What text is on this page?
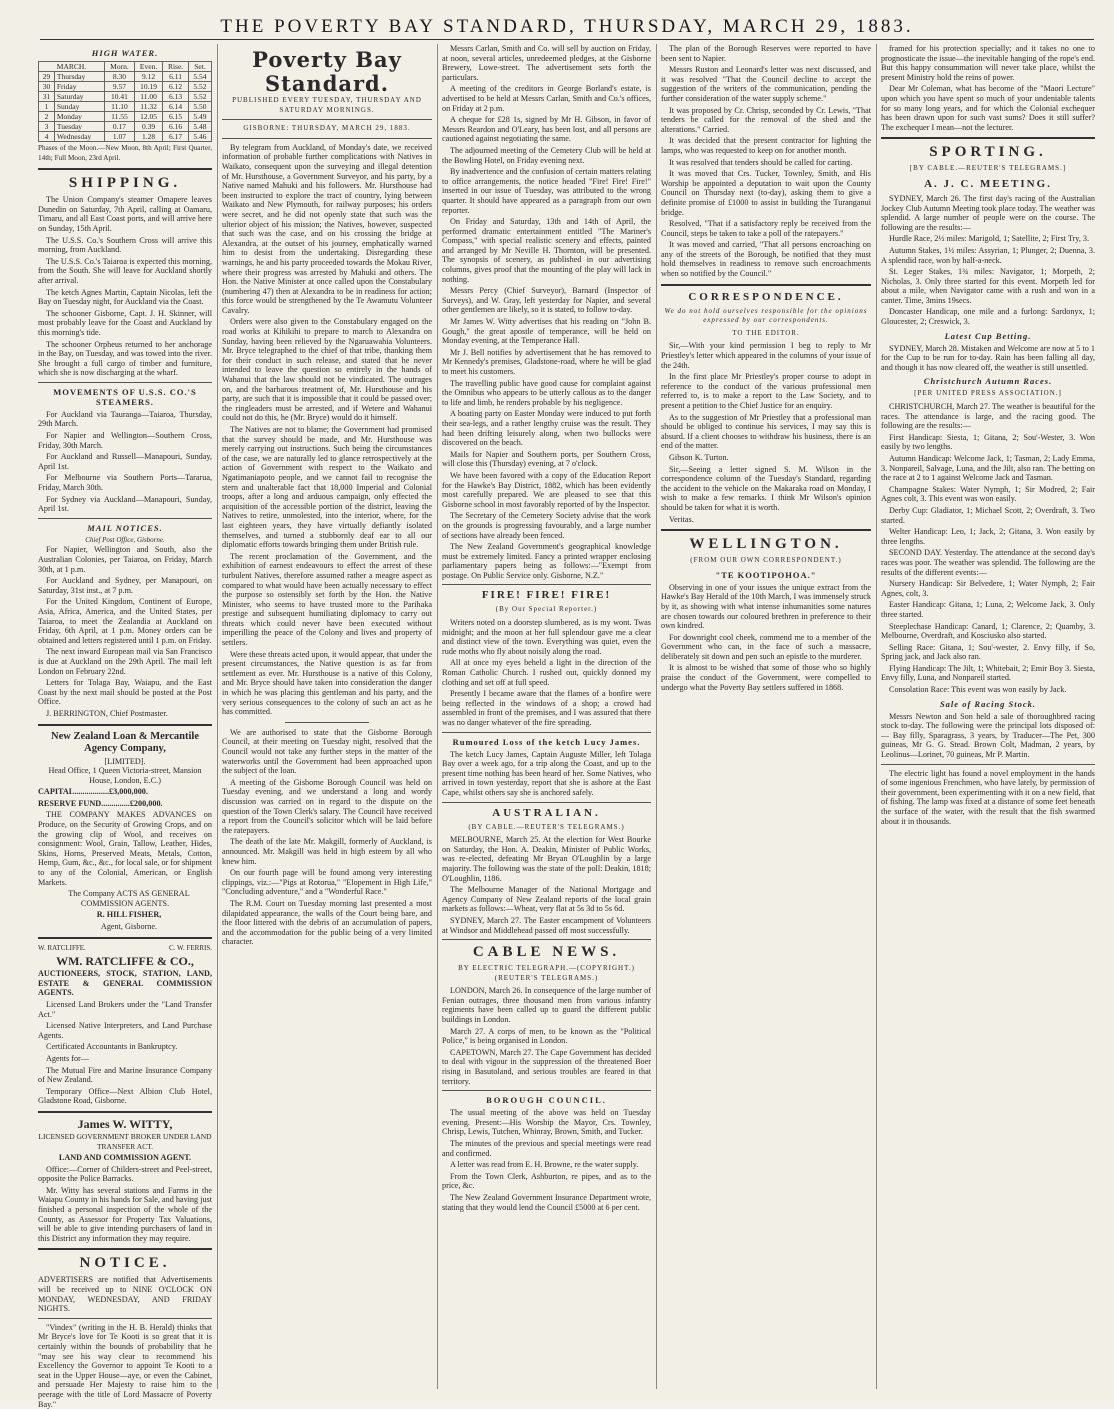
THE POVERTY BAY STANDARD, THURSDAY, MARCH 29, 1883.
HIGH WATER.
MARCH.		Morn.	Even.	Rise.	Set.
29	Thursday	8.30	9.12	6.11	5.54
30	Friday	9.57	10.19	6.12	5.52
31	Saturday	10.41	11.00	6.13	5.52
1	Sunday	11.10	11.32	6.14	5.50
2	Monday	11.55	12.05	6.15	5.49
3	Tuesday	0.17	0.39	6.16	5.48
4	Wednesday	1.07	1.28	6.17	5.46

Phases of the Moon.—New Moon, 8th April; First Quarter, 14th; Full Moon, 23rd April.

SHIPPING.

The Union Company's steamer Omapere leaves Dunedin on Saturday, 7th April, calling at Oamaru, Timaru, and all East Coast ports, and will arrive here on Sunday, 15th April.

The U.S.S. Co.'s Southern Cross will arrive this morning, from Auckland.

The U.S.S. Co.'s Taiaroa is expected this morning, from the South. She will leave for Auckland shortly after arrival.

The ketch Agnes Martin, Captain Nicolas, left the Bay on Tuesday night, for Auckland via the Coast.

The schooner Gisborne, Capt. J. H. Skinner, will most probably leave for the Coast and Auckland by this morning's tide.

The schooner Orpheus returned to her anchorage in the Bay, on Tuesday, and was towed into the river. She brought a full cargo of timber and furniture, which she is now discharging at the wharf.

MOVEMENTS OF U.S.S. CO.'S STEAMERS.

For Auckland via Tauranga—Taiaroa, Thursday, 29th March.

For Napier and Wellington—Southern Cross, Friday, 30th March.

For Auckland and Russell—Manapouri, Sunday, April 1st.

For Melbourne via Southern Ports—Tararua, Friday, March 30th.

For Sydney via Auckland—Manapouri, Sunday, April 1st.

MAIL NOTICES.
Chief Post Office, Gisborne.

For Napier, Wellington and South, also the Australian Colonies, per Taiaroa, on Friday, March 30th, at 1 p.m.

For Auckland and Sydney, per Manapouri, on Saturday, 31st inst., at 7 p.m.

For the United Kingdom, Continent of Europe, Asia, Africa, America, and the United States, per Taiaroa, to meet the Zealandia at Auckland on Friday, 6th April, at 1 p.m. Money orders can be obtained and letters registered until 1 p.m. on Friday.

The next inward European mail via San Francisco is due at Auckland on the 29th April. The mail left London on February 22nd.

Letters for Tolaga Bay, Waiapu, and the East Coast by the next mail should be posted at the Post Office.

J. BERRINGTON, Chief Postmaster.

New Zealand Loan & Mercantile Agency Company,
[LIMITED].

Head Office, 1 Queen Victoria-street, Mansion House, London, E.C.)

CAPITAL.................£3,000,000.

RESERVE FUND..............£200,000.

THE COMPANY MAKES ADVANCES on Produce, on the Security of Growing Crops, and on the growing clip of Wool, and receives on consignment: Wool, Grain, Tallow, Leather, Hides, Skins, Horns, Preserved Meats, Metals, Cotton, Hemp, Gum, &c., &c., for local sale, or for shipment to any of the Colonial, American, or English Markets.

The Company ACTS AS GENERAL COMMISSION AGENTS.

R. HILL FISHER,

Agent, Gisborne.

W. RATCLIFFE.	C. W. FERRIS.
WM. RATCLIFFE & CO.,

AUCTIONEERS, STOCK, STATION, LAND, ESTATE & GENERAL COMMISSION AGENTS.

Licensed Land Brokers under the "Land Transfer Act."

Licensed Native Interpreters, and Land Purchase Agents.

Certificated Accountants in Bankruptcy.

Agents for—

The Mutual Fire and Marine Insurance Company of New Zealand.

Temporary Office—Next Albion Club Hotel, Gladstone Road, Gisborne.

James W. WITTY,

LICENSED GOVERNMENT BROKER UNDER LAND TRANSFER ACT.

LAND AND COMMISSION AGENT.

Office:—Corner of Childers-street and Peel-street, opposite the Police Barracks.

Mr. Witty has several stations and Farms in the Waiapu County in his hands for Sale, and having just finished a personal inspection of the whole of the County, as Assessor for Property Tax Valuations, will be able to give intending purchasers of land in this District any information they may require.

NOTICE.

ADVERTISERS are notified that Advertisements will be received up to NINE O'CLOCK ON MONDAY, WEDNESDAY, AND FRIDAY NIGHTS.

"Vindex" (writing in the H. B. Herald) thinks that Mr Bryce's love for Te Kooti is so great that it is certainly within the bounds of probability that he "may see his way clear to recommend his Excellency the Governor to appoint Te Kooti to a seat in the Upper House—aye, or even the Cabinet, and persuade Her Majesty to raise him to the peerage with the title of Lord Massacre of Poverty Bay."

Poverty Bay Standard.
PUBLISHED EVERY TUESDAY, THURSDAY AND SATURDAY MORNINGS.
GISBORNE: THURSDAY, MARCH 29, 1883.

By telegram from Auckland, of Monday's date, we received information of probable further complications with Natives in Waikato, consequent upon the surveying and illegal detention of Mr. Hursthouse, a Government Surveyor, and his party, by a Native named Mahuki and his followers. Mr. Hursthouse had been instructed to explore the tract of country, lying between Waikato and New Plymouth, for railway purposes; his orders were secret, and he did not openly state that such was the ulterior object of his mission; the Natives, however, suspected that such was the case, and on his crossing the bridge at Alexandra, at the outset of his journey, emphatically warned him to desist from the undertaking. Disregarding these warnings, he and his party proceeded towards the Mokau River, where their progress was arrested by Mahuki and others. The Hon. the Native Minister at once called upon the Constabulary (numbering 47) then at Alexandra to be in readiness for action; this force would be strengthened by the Te Awamutu Volunteer Cavalry.

Orders were also given to the Constabulary engaged on the road works at Kihikihi to prepare to march to Alexandra on Sunday, having been relieved by the Ngaruawahia Volunteers. Mr. Bryce telegraphed to the chief of that tribe, thanking them for their conduct in such release, and stated that he never intended to leave the question so entirely in the hands of Wahanui that the law should not be vindicated. The outrages on, and the barbarous treatment of, Mr. Hursthouse and his party, are such that it is impossible that it could be passed over; the ringleaders must be arrested, and if Wetere and Wahanui could not do this, he (Mr. Bryce) would do it himself.

The Natives are not to blame; the Government had promised that the survey should be made, and Mr. Hursthouse was merely carrying out instructions. Such being the circumstances of the case, we are naturally led to glance retrospectively at the action of Government with respect to the Waikato and Ngatimaniapoto people, and we cannot fail to recognise the stern and unalterable fact that 18,000 Imperial and Colonial troops, after a long and arduous campaign, only effected the acquisition of the accessible portion of the district, leaving the Natives to retire, unmolested, into the interior, where, for the last eighteen years, they have virtually defiantly isolated themselves, and turned a stubbornly deaf ear to all our diplomatic efforts towards bringing them under British rule.

The recent proclamation of the Government, and the exhibition of earnest endeavours to effect the arrest of these turbulent Natives, therefore assumed rather a meagre aspect as compared to what would have been actually necessary to effect the purpose so ostensibly set forth by the Hon. the Native Minister, who seems to have trusted more to the Parihaka prestige and subsequent humiliating diplomacy to carry out threats which could never have been executed without imperilling the peace of the Colony and lives and property of settlers.

Were these threats acted upon, it would appear, that under the present circumstances, the Native question is as far from settlement as ever. Mr. Hursthouse is a native of this Colony, and Mr. Bryce should have taken into consideration the danger in which he was placing this gentleman and his party, and the very serious consequences to the colony of such an act as he has committed.

We are authorised to state that the Gisborne Borough Council, at their meeting on Tuesday night, resolved that the Council would not take any further steps in the matter of the waterworks until the Government had been approached upon the subject of the loan.

A meeting of the Gisborne Borough Council was held on Tuesday evening, and we understand a long and wordy discussion was carried on in regard to the dispute on the question of the Town Clerk's salary. The Council have received a report from the Council's solicitor which will be laid before the ratepayers.

The death of the late Mr. Makgill, formerly of Auckland, is announced. Mr. Makgill was held in high esteem by all who knew him.

On our fourth page will be found among very interesting clippings, viz.:—"Pigs at Rotorua," "Elopement in High Life," "Concluding adventure," and a "Wonderful Race."

The R.M. Court on Tuesday morning last presented a most dilapidated appearance, the walls of the Court being bare, and the floor littered with the debris of an accumulation of papers, and the accommodation for the public being of a very limited character.

Messrs Carlan, Smith and Co. will sell by auction on Friday, at noon, several articles, unredeemed pledges, at the Gisborne Brewery, Lowe-street. The advertisement sets forth the particulars.

A meeting of the creditors in George Borland's estate, is advertised to be held at Messrs Carlan, Smith and Co.'s offices, on Friday at 2 p.m.

A cheque for £28 1s, signed by Mr H. Gibson, in favor of Messrs Reardon and O'Leary, has been lost, and all persons are cautioned against negotiating the same.

The adjourned meeting of the Cemetery Club will be held at the Bowling Hotel, on Friday evening next.

By inadvertence and the confusion of certain matters relating to office arrangements, the notice headed "Fire! Fire! Fire!" inserted in our issue of Tuesday, was attributed to the wrong quarter. It should have appeared as a paragraph from our own reporter.

On Friday and Saturday, 13th and 14th of April, the performed dramatic entertainment entitled "The Mariner's Compass," with special realistic scenery and effects, painted and arranged by Mr Neville H. Thornton, will be presented. The synopsis of scenery, as published in our advertising columns, gives proof that the mounting of the play will lack in nothing.

Messrs Percy (Chief Surveyor), Barnard (Inspector of Surveys), and W. Gray, left yesterday for Napier, and several other gentlemen are likely, so it is stated, to follow to-day.

Mr James W. Witty advertises that his reading on "John B. Gough," the great apostle of temperance, will be held on Monday evening, at the Temperance Hall.

Mr J. Bell notifies by advertisement that he has removed to Mr Kennedy's premises, Gladstone-road, where he will be glad to meet his customers.

The travelling public have good cause for complaint against the Omnibus who appears to be utterly callous as to the danger to life and limb, he renders probable by his negligence.

A boating party on Easter Monday were induced to put forth their sea-legs, and a rather lengthy cruise was the result. They had been drifting leisurely along, when two bullocks were discovered on the beach.

Mails for Napier and Southern ports, per Southern Cross, will close this (Thursday) evening, at 7 o'clock.

We have been favored with a copy of the Education Report for the Hawke's Bay District, 1882, which has been evidently most carefully prepared. We are pleased to see that this Gisborne school in most favorably reported of by the Inspector.

The Secretary of the Cemetery Society advise that the work on the grounds is progressing favourably, and a large number of sections have already been fenced.

The New Zealand Government's geographical knowledge must be extremely limited. Fancy a printed wrapper enclosing parliamentary papers being as follows:—"Exempt from postage. On Public Service only. Gisborne, N.Z."

FIRE! FIRE! FIRE!
(By Our Special Reporter.)

Writers noted on a doorstep slumbered, as is my wont. Twas midnight; and the moon at her full splendour gave me a clear and distinct view of the town. Everything was quiet, even the rude moths who fly about noisily along the road.

All at once my eyes beheld a light in the direction of the Roman Catholic Church. I rushed out, quickly donned my clothing and set off at full speed.

Presently I became aware that the flames of a bonfire were being reflected in the windows of a shop; a crowd had assembled in front of the premises, and I was assured that there was no danger whatever of the fire spreading.

Rumoured Loss of the ketch Lucy James.

The ketch Lucy James, Captain Auguste Miller, left Tolaga Bay over a week ago, for a trip along the Coast, and up to the present time nothing has been heard of her. Some Natives, who arrived in town yesterday, report that she is ashore at the East Cape, whilst others say she is anchored safely.

AUSTRALIAN.
(BY CABLE.—REUTER'S TELEGRAMS.)

MELBOURNE, March 25. At the election for West Bourke on Saturday, the Hon. A. Deakin, Minister of Public Works, was re-elected, defeating Mr Bryan O'Loughlin by a large majority. The following was the state of the poll: Deakin, 1818; O'Loughlin, 1186.

The Melbourne Manager of the National Mortgage and Agency Company of New Zealand reports of the local grain markets as follows:—Wheat, very flat at 5s 3d to 5s 6d.

SYDNEY, March 27. The Easter encampment of Volunteers at Windsor and Middlehead passed off most successfully.

CABLE NEWS.
BY ELECTRIC TELEGRAPH.—(COPYRIGHT.) (REUTER'S TELEGRAMS.)

LONDON, March 26. In consequence of the large number of Fenian outrages, three thousand men from various infantry regiments have been called up to guard the different public buildings in London.

March 27. A corps of men, to be known as the "Political Police," is being organised in London.

CAPETOWN, March 27. The Cape Government has decided to deal with vigour in the suppression of the threatened Boer rising in Basutoland, and serious troubles are feared in that territory.

BOROUGH COUNCIL.

The usual meeting of the above was held on Tuesday evening. Present:—His Worship the Mayor, Crs. Townley, Chrisp, Lewis, Tutchen, Whinray, Brown, Smith, and Tucker.

The minutes of the previous and special meetings were read and confirmed.

A letter was read from E. H. Browne, re the water supply.

From the Town Clerk, Ashburton, re pipes, and as to the price, &c.

The New Zealand Government Insurance Department wrote, stating that they would lend the Council £5000 at 6 per cent.

The plan of the Borough Reserves were reported to have been sent to Napier.

Messrs Ruston and Leonard's letter was next discussed, and it was resolved "That the Council decline to accept the suggestion of the writers of the communication, pending the further consideration of the water supply scheme."

It was proposed by Cr. Chrisp, seconded by Cr. Lewis, "That tenders be called for the removal of the shed and the alterations." Carried.

It was decided that the present contractor for lighting the lamps, who was requested to keep on for another month.

It was resolved that tenders should be called for carting.

It was moved that Crs. Tucker, Townley, Smith, and His Worship be appointed a deputation to wait upon the County Council on Thursday next (to-day), asking them to give a definite promise of £1000 to assist in building the Turanganui bridge.

Resolved, "That if a satisfactory reply be received from the Council, steps be taken to take a poll of the ratepayers."

It was moved and carried, "That all persons encroaching on any of the streets of the Borough, be notified that they must hold themselves in readiness to remove such encroachments when so notified by the Council."

CORRESPONDENCE.
We do not hold ourselves responsible for the opinions expressed by our correspondents.
TO THE EDITOR.

Sir,—With your kind permission I beg to reply to Mr Priestley's letter which appeared in the columns of your issue of the 24th.

In the first place Mr Priestley's proper course to adopt in reference to the conduct of the various professional men referred to, is to make a report to the Law Society, and to present a petition to the Chief Justice for an enquiry.

As to the suggestion of Mr Priestley that a professional man should be obliged to continue his services, I may say this is absurd. If a client chooses to withdraw his business, there is an end of the matter.

Gibson K. Turton.

Sir,—Seeing a letter signed S. M. Wilson in the correspondence column of the Tuesday's Standard, regarding the accident to the vehicle on the Makaraka road on Monday, I wish to make a few remarks. I think Mr Wilson's opinion should be taken for what it is worth.

Veritas.

WELLINGTON.
(FROM OUR OWN CORRESPONDENT.)
"TE KOOTIPOHOA."

Observing in one of your issues the unique extract from the Hawke's Bay Herald of the 10th March, I was immensely struck by it, as showing with what intense inhumanities some natures are chosen towards our coloured brethren in preference to their own kindred.

For downright cool cheek, commend me to a member of the Government who can, in the face of such a massacre, deliberately sit down and pen such an epistle to the murderer.

It is almost to be wished that some of those who so highly praise the conduct of the Government, were compelled to undergo what the Poverty Bay settlers suffered in 1868.

framed for his protection specially; and it takes no one to prognosticate the issue—the inevitable hanging of the rope's end. But this happy consummation will never take place, whilst the present Ministry hold the reins of power.

Dear Mr Coleman, what has become of the "Maori Lecture" upon which you have spent so much of your undeniable talents for so many long years, and for which the Colonial exchequer has been drawn upon for such vast sums? Does it still suffer? The exchequer I mean—not the lecturer.

SPORTING.
[BY CABLE.—REUTER'S TELEGRAMS.]
A. J. C. MEETING.

SYDNEY, March 26. The first day's racing of the Australian Jockey Club Autumn Meeting took place today. The weather was splendid. A large number of people were on the course. The following are the results:—

Hurdle Race, 2½ miles: Marigold, 1; Satellite, 2; First Try, 3.

Autumn Stakes, 1½ miles: Assyrian, 1; Plunger, 2; Duenna, 3. A splendid race, won by half-a-neck.

St. Leger Stakes, 1¾ miles: Navigator, 1; Morpeth, 2; Nicholas, 3. Only three started for this event. Morpeth led for about a mile, when Navigator came with a rush and won in a canter. Time, 3mins 19secs.

Doncaster Handicap, one mile and a furlong: Sardonyx, 1; Gloucester, 2; Creswick, 3.

Latest Cup Betting.

SYDNEY, March 28. Mistaken and Welcome are now at 5 to 1 for the Cup to be run for to-day. Rain has been falling all day, and though it has now cleared off, the weather is still unsettled.

Christchurch Autumn Races.
[PER UNITED PRESS ASSOCIATION.]

CHRISTCHURCH, March 27. The weather is beautiful for the races. The attendance is large, and the racing good. The following are the results:—

First Handicap: Siesta, 1; Gitana, 2; Sou'-Wester, 3. Won easily by two lengths.

Autumn Handicap: Welcome Jack, 1; Tasman, 2; Lady Emma, 3. Nonpareil, Salvage, Luna, and the Jilt, also ran. The betting on the race at 2 to 1 against Welcome Jack and Tasman.

Champagne Stakes: Water Nymph, 1; Sir Modred, 2; Fair Agnes colt, 3. This event was won easily.

Derby Cup: Gladiator, 1; Michael Scott, 2; Overdraft, 3. Two started.

Welter Handicap: Leo, 1; Jack, 2; Gitana, 3. Won easily by three lengths.

SECOND DAY. Yesterday. The attendance at the second day's races was poor. The weather was splendid. The following are the results of the different events:—

Nursery Handicap: Sir Belvedere, 1; Water Nymph, 2; Fair Agnes, colt, 3.

Easter Handicap: Gitana, 1; Luna, 2; Welcome Jack, 3. Only three started.

Steeplechase Handicap: Canard, 1; Clarence, 2; Quamby, 3. Melbourne, Overdraft, and Kosciusko also started.

Selling Race: Gitana, 1; Sou'-wester, 2. Envy filly, if So, Spring jack, and Jack also ran.

Flying Handicap: The Jilt, 1; Whitebait, 2; Emir Boy 3. Siesta, Envy filly, Luna, and Nonpareil started.

Consolation Race: This event was won easily by Jack.

Sale of Racing Stock.

Messrs Newton and Son held a sale of thoroughbred racing stock to-day. The following were the principal lots disposed of:— Bay filly, Sparagrass, 3 years, by Traducer—The Pet, 300 guineas, Mr G. G. Stead. Brown Colt, Madman, 2 years, by Leolinus—Lorinet, 70 guineas, Mr P. Martin.

The electric light has found a novel employment in the hands of some ingenious Frenchmen, who have lately, by permission of their government, been experimenting with it on a new field, that of fishing. The lamp was fixed at a distance of some feet beneath the surface of the water, with the result that the fish swarmed about it in thousands.
